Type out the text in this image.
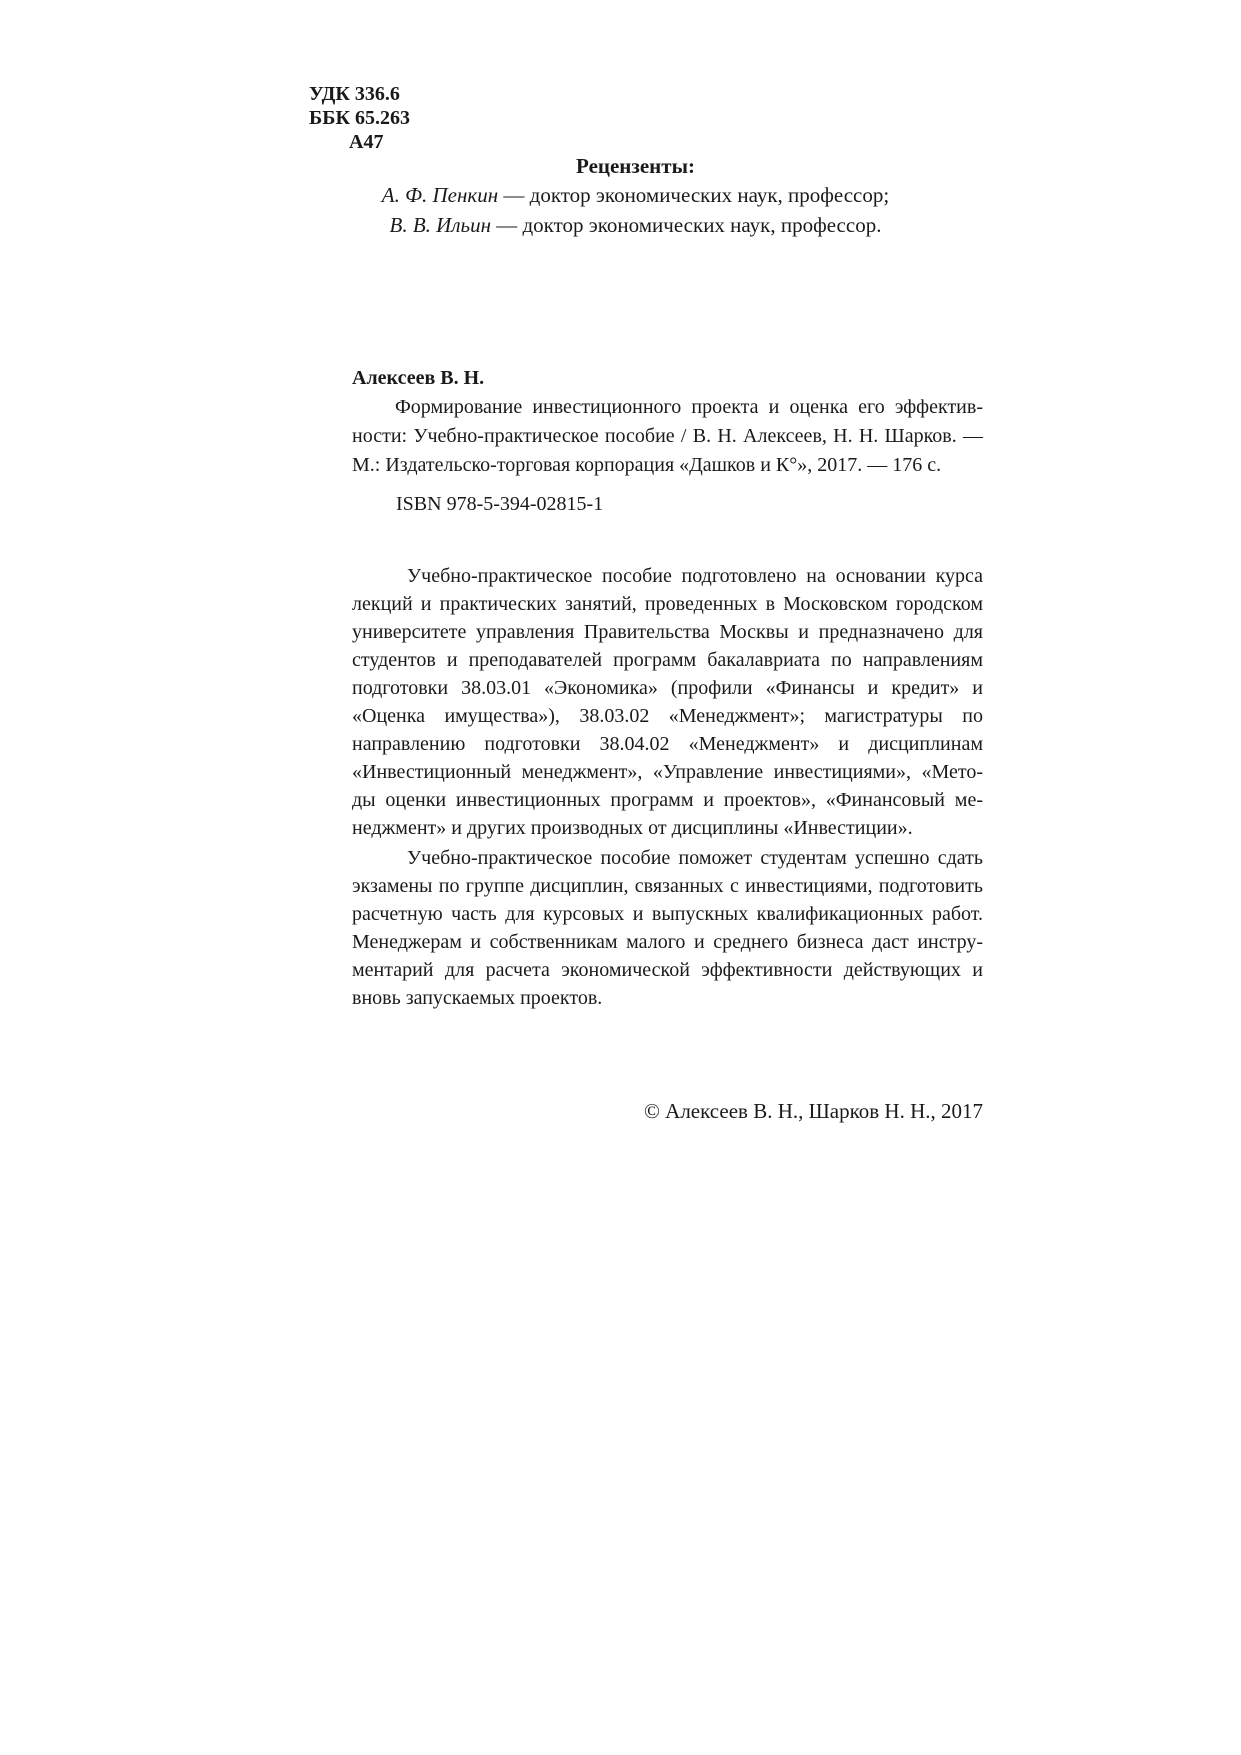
УДК 336.6
ББК 65.263
А47
Рецензенты:
А. Ф. Пенкин — доктор экономических наук, профессор;
В. В. Ильин — доктор экономических наук, профессор.
Алексеев В. Н.
Формирование инвестиционного проекта и оценка его эффектив-
ности: Учебно-практическое пособие / В. Н. Алексеев, Н. Н. Шарков. —
М.: Издательско-торговая корпорация «Дашков и К°», 2017. — 176 с.
ISBN 978-5-394-02815-1
Учебно-практическое пособие подготовлено на основании курса
лекций и практических занятий, проведенных в Московском городском
университете управления Правительства Москвы и предназначено для
студентов и преподавателей программ бакалавриата по направлениям
подготовки 38.03.01 «Экономика» (профили «Финансы и кредит» и
«Оценка имущества»), 38.03.02 «Менеджмент»; магистратуры по
направлению подготовки 38.04.02 «Менеджмент» и дисциплинам
«Инвестиционный менеджмент», «Управление инвестициями», «Мето-
ды оценки инвестиционных программ и проектов», «Финансовый ме-
неджмент» и других производных от дисциплины «Инвестиции».
Учебно-практическое пособие поможет студентам успешно сдать
экзамены по группе дисциплин, связанных с инвестициями, подготовить
расчетную часть для курсовых и выпускных квалификационных работ.
Менеджерам и собственникам малого и среднего бизнеса даст инстру-
ментарий для расчета экономической эффективности действующих и
вновь запускаемых проектов.
© Алексеев В. Н., Шарков Н. Н., 2017
